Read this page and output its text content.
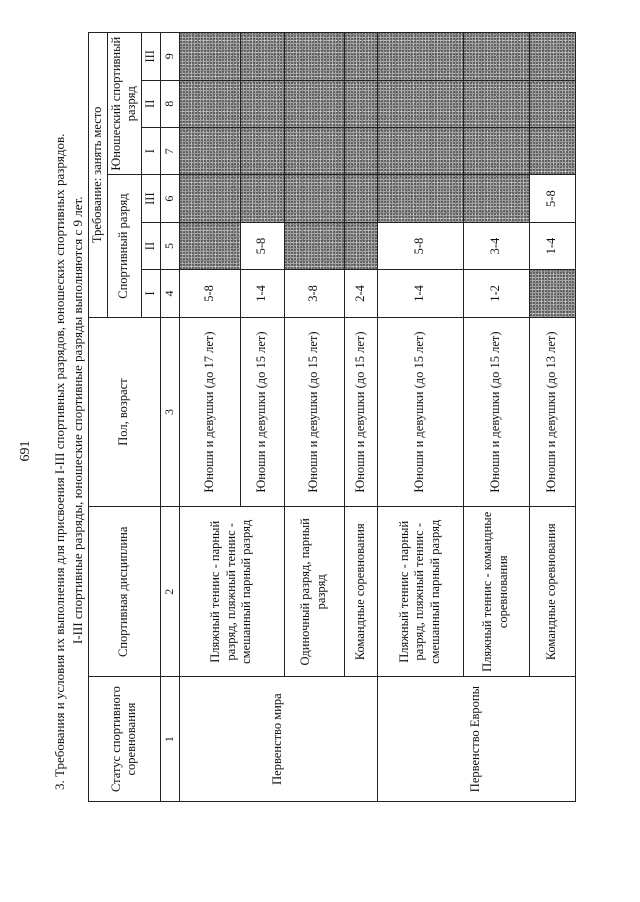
691 3. Требования и условия их выполнения для присвоения I-III спортивных разрядов, юношеских спортивных разрядов. I-III спортивные разряды, юношеские спортивные разряды выполняются с 9 лет.
Статус спортивного соревнования	Спортивная дисциплина	Пол, возраст	Требование: занять место					
			Спортивный разряд			Юношеский спортивный разряд		
			I	II	III	I	II	III
1	2	3	4	5	6	7	8	9
Первенство мира	Пляжный теннис - парный разряд, пляжный теннис - смешанный парный разряд	Юноши и девушки (до 17 лет)	5-8					
		Юноши и девушки (до 15 лет)	1-4	5-8				
	Одиночный разряд, парный разряд	Юноши и девушки (до 15 лет)	3-8					
	Командные соревнования	Юноши и девушки (до 15 лет)	2-4					
Первенство Европы	Пляжный теннис - парный разряд, пляжный теннис - смешанный парный разряд	Юноши и девушки (до 15 лет)	1-4	5-8				
	Пляжный теннис - командные соревнования	Юноши и девушки (до 15 лет)	1-2	3-4				
	Командные соревнования	Юноши и девушки (до 13 лет)		1-4	5-8			
